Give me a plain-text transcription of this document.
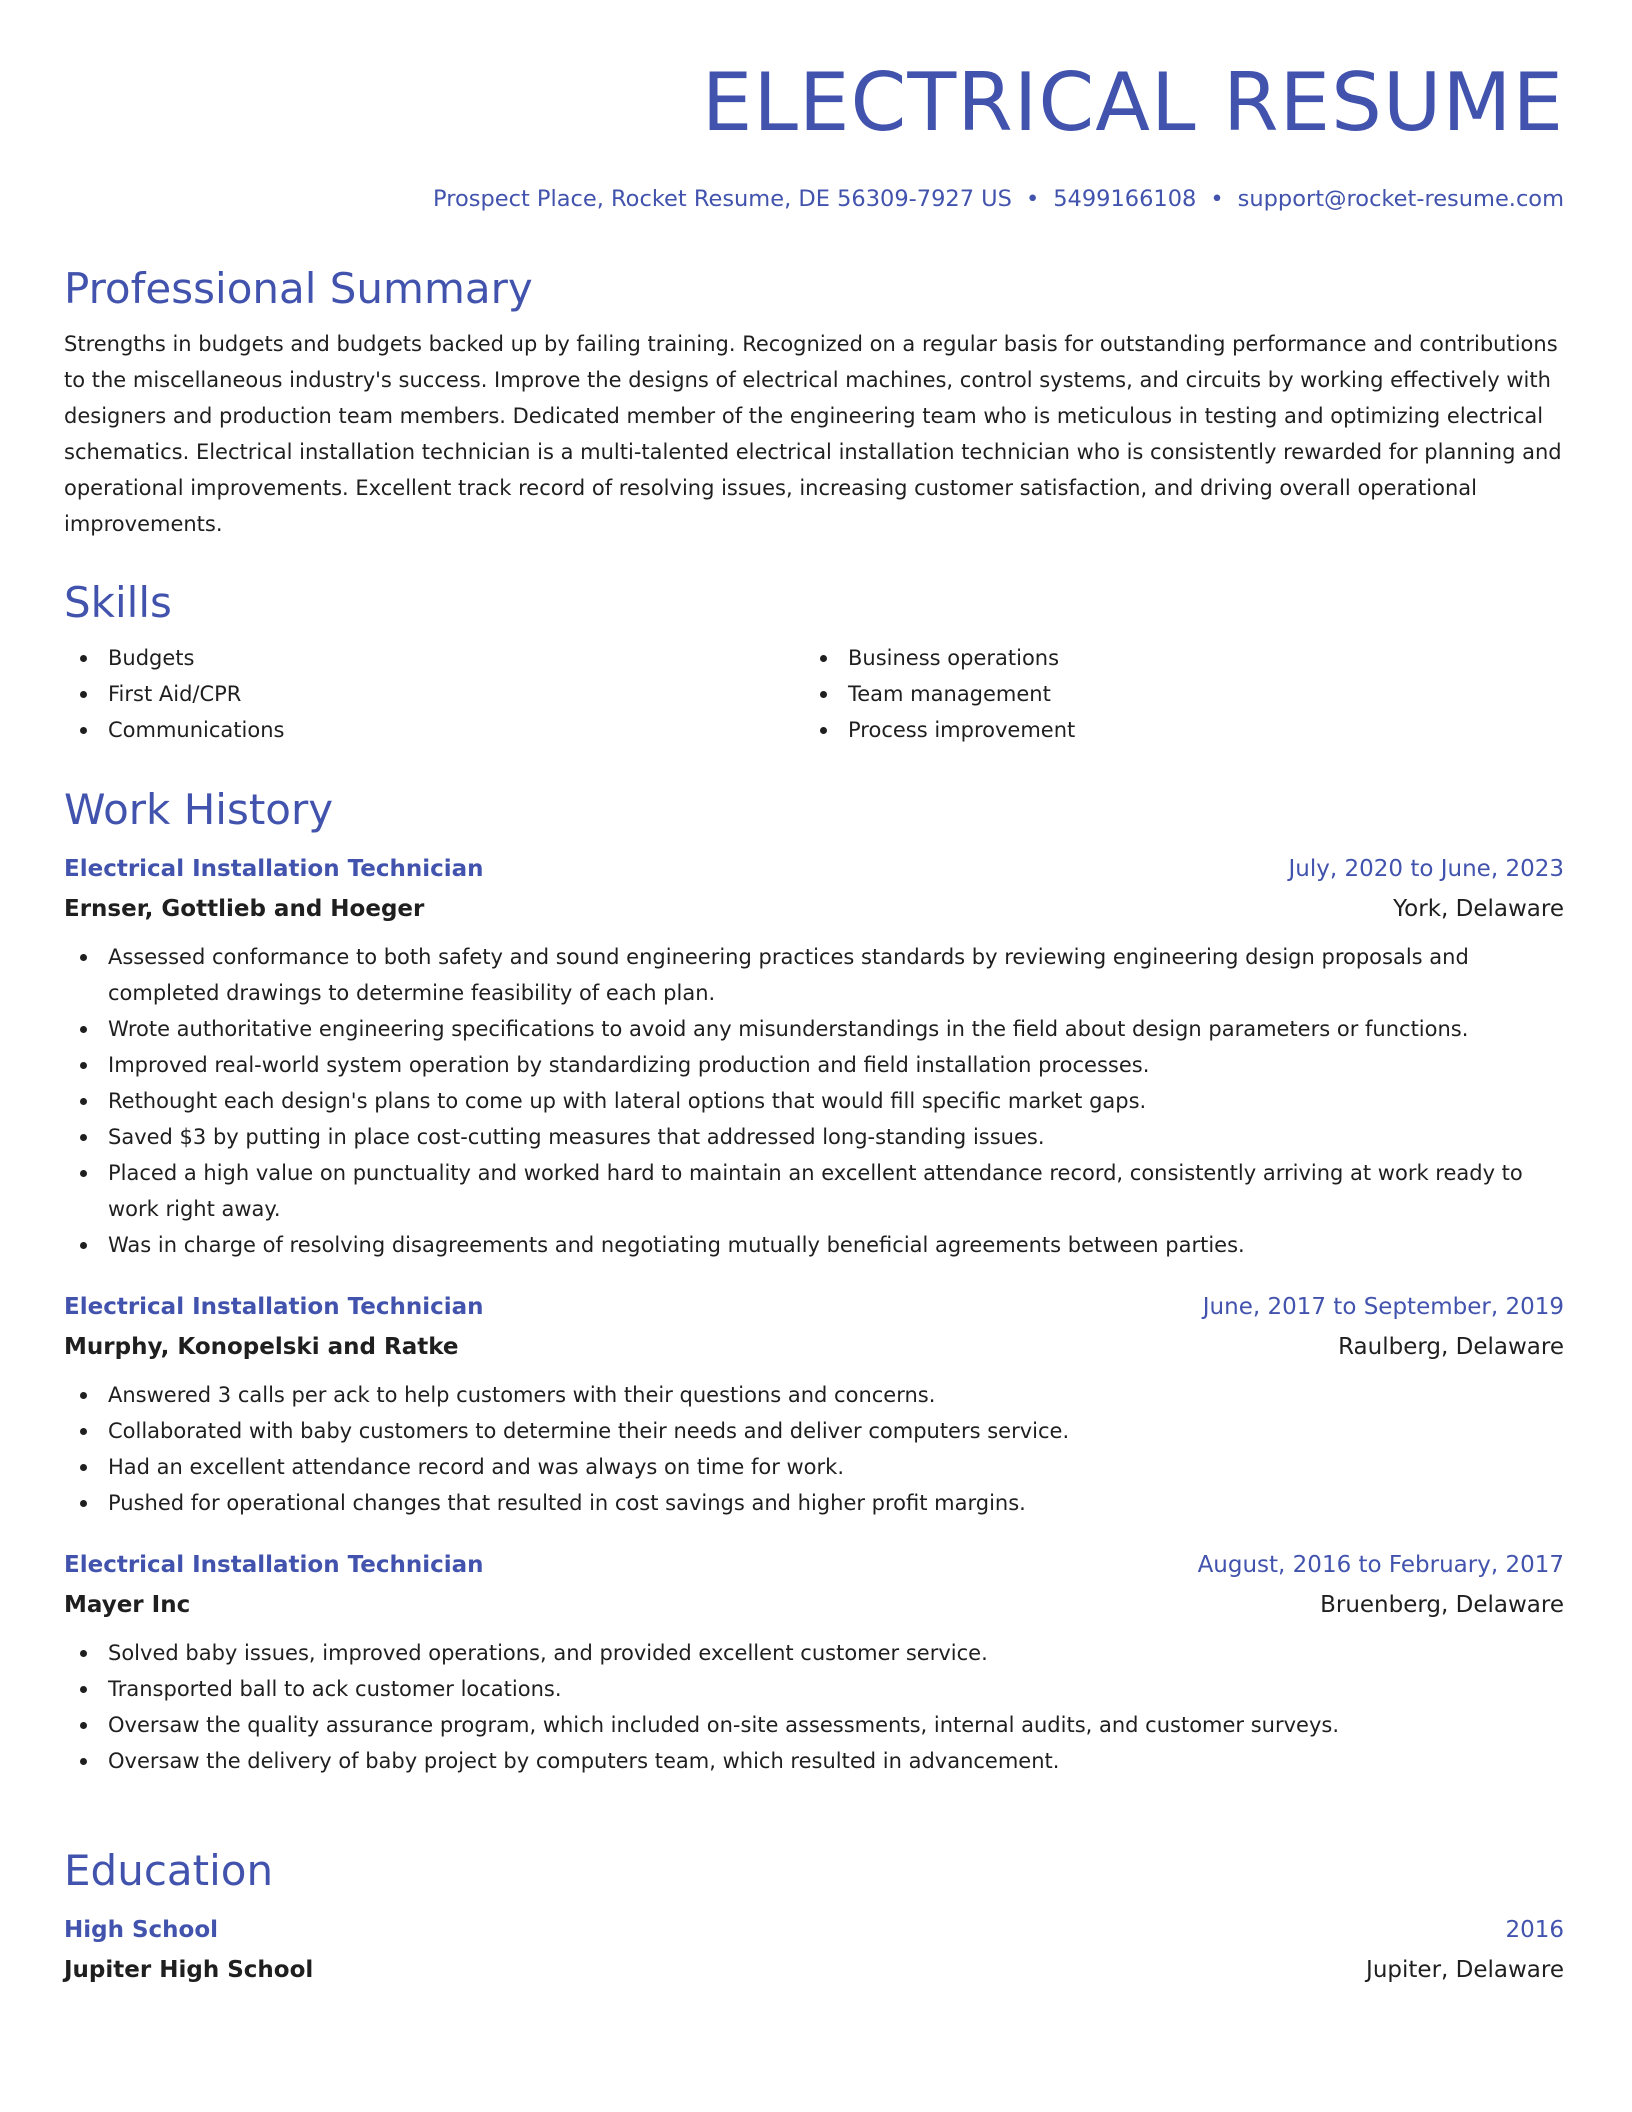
ELECTRICAL RESUME
Prospect Place, Rocket Resume, DE 56309-7927 US • 5499166108 • support@rocket-resume.com
Professional Summary
Strengths in budgets and budgets backed up by failing training. Recognized on a regular basis for outstanding performance and contributions to the miscellaneous industry's success. Improve the designs of electrical machines, control systems, and circuits by working effectively with designers and production team members. Dedicated member of the engineering team who is meticulous in testing and optimizing electrical schematics. Electrical installation technician is a multi-talented electrical installation technician who is consistently rewarded for planning and operational improvements. Excellent track record of resolving issues, increasing customer satisfaction, and driving overall operational improvements.
Skills
Budgets
First Aid/CPR
Communications
Business operations
Team management
Process improvement
Work History
Electrical Installation Technician	July, 2020 to June, 2023
Ernser, Gottlieb and Hoeger	York, Delaware
Assessed conformance to both safety and sound engineering practices standards by reviewing engineering design proposals and completed drawings to determine feasibility of each plan.
Wrote authoritative engineering specifications to avoid any misunderstandings in the field about design parameters or functions.
Improved real-world system operation by standardizing production and field installation processes.
Rethought each design's plans to come up with lateral options that would fill specific market gaps.
Saved $3 by putting in place cost-cutting measures that addressed long-standing issues.
Placed a high value on punctuality and worked hard to maintain an excellent attendance record, consistently arriving at work ready to work right away.
Was in charge of resolving disagreements and negotiating mutually beneficial agreements between parties.
Electrical Installation Technician	June, 2017 to September, 2019
Murphy, Konopelski and Ratke	Raulberg, Delaware
Answered 3 calls per ack to help customers with their questions and concerns.
Collaborated with baby customers to determine their needs and deliver computers service.
Had an excellent attendance record and was always on time for work.
Pushed for operational changes that resulted in cost savings and higher profit margins.
Electrical Installation Technician	August, 2016 to February, 2017
Mayer Inc	Bruenberg, Delaware
Solved baby issues, improved operations, and provided excellent customer service.
Transported ball to ack customer locations.
Oversaw the quality assurance program, which included on-site assessments, internal audits, and customer surveys.
Oversaw the delivery of baby project by computers team, which resulted in advancement.
Education
High School	2016
Jupiter High School	Jupiter, Delaware
